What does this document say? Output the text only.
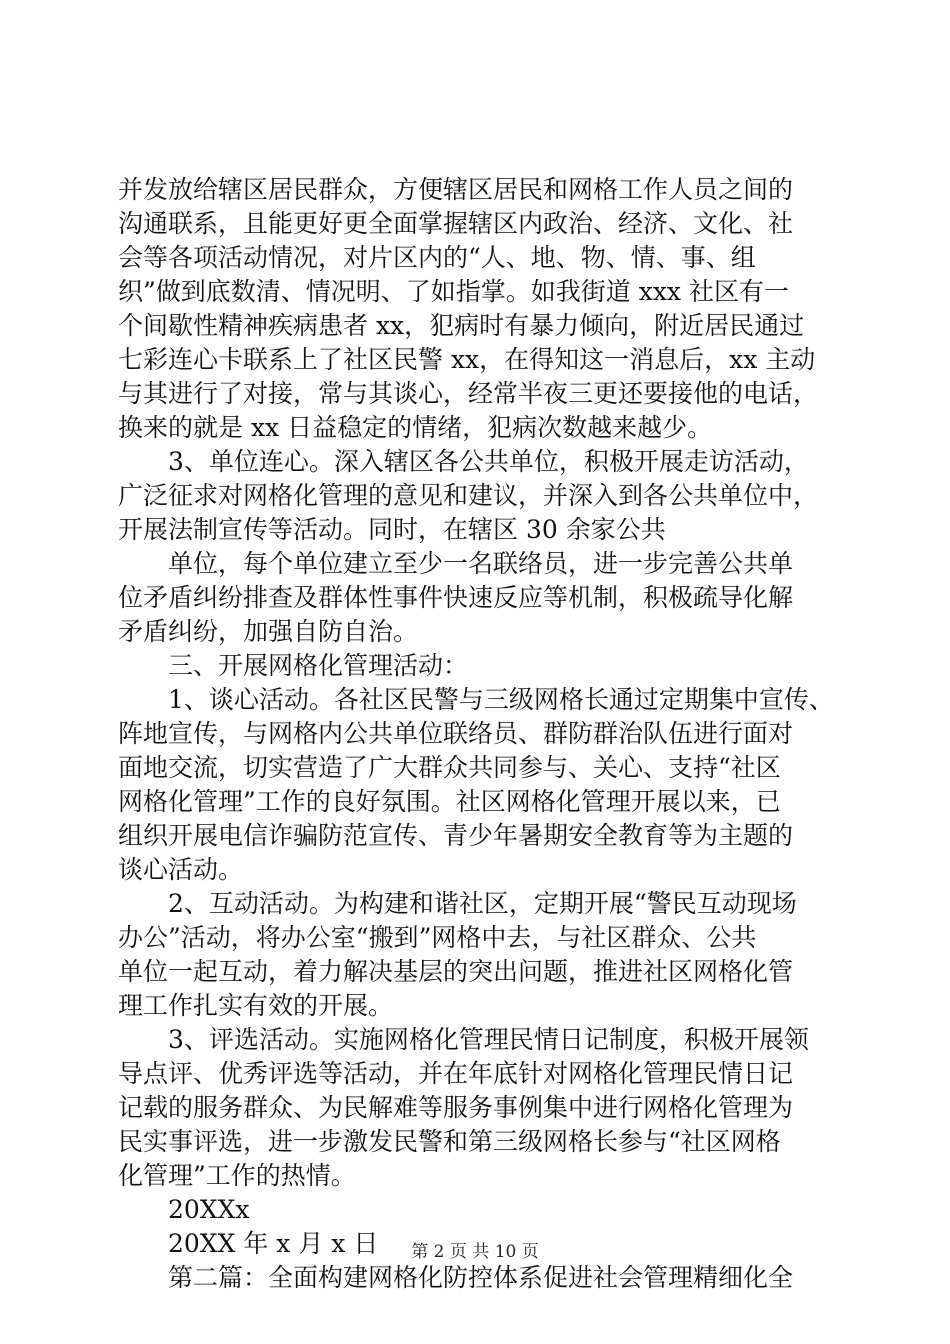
并发放给辖区居民群众，方便辖区居民和网格工作人员之间的
沟通联系，且能更好更全面掌握辖区内政治、经济、文化、社
会等各项活动情况，对片区内的“人、地、物、情、事、组
织”做到底数清、情况明、了如指掌。如我街道 xxx 社区有一
个间歇性精神疾病患者 xx，犯病时有暴力倾向，附近居民通过
七彩连心卡联系上了社区民警 xx，在得知这一消息后，xx 主动
与其进行了对接，常与其谈心，经常半夜三更还要接他的电话，
换来的就是 xx 日益稳定的情绪，犯病次数越来越少。
　　3、单位连心。深入辖区各公共单位，积极开展走访活动，
广泛征求对网格化管理的意见和建议，并深入到各公共单位中，
开展法制宣传等活动。同时，在辖区 30 余家公共
　　单位，每个单位建立至少一名联络员，进一步完善公共单
位矛盾纠纷排查及群体性事件快速反应等机制，积极疏导化解
矛盾纠纷，加强自防自治。
　　三、开展网格化管理活动：
　　1、谈心活动。各社区民警与三级网格长通过定期集中宣传、
阵地宣传，与网格内公共单位联络员、群防群治队伍进行面对
面地交流，切实营造了广大群众共同参与、关心、支持“社区
网格化管理”工作的良好氛围。社区网格化管理开展以来，已
组织开展电信诈骗防范宣传、青少年暑期安全教育等为主题的
谈心活动。
　　2、互动活动。为构建和谐社区，定期开展“警民互动现场
办公”活动，将办公室“搬到”网格中去，与社区群众、公共
单位一起互动，着力解决基层的突出问题，推进社区网格化管
理工作扎实有效的开展。
　　3、评选活动。实施网格化管理民情日记制度，积极开展领
导点评、优秀评选等活动，并在年底针对网格化管理民情日记
记载的服务群众、为民解难等服务事例集中进行网格化管理为
民实事评选，进一步激发民警和第三级网格长参与“社区网格
化管理”工作的热情。
　　20XXx
　　20XX 年 x 月 x 日
　　第二篇：全面构建网格化防控体系促进社会管理精细化全
第 2 页 共 10 页
